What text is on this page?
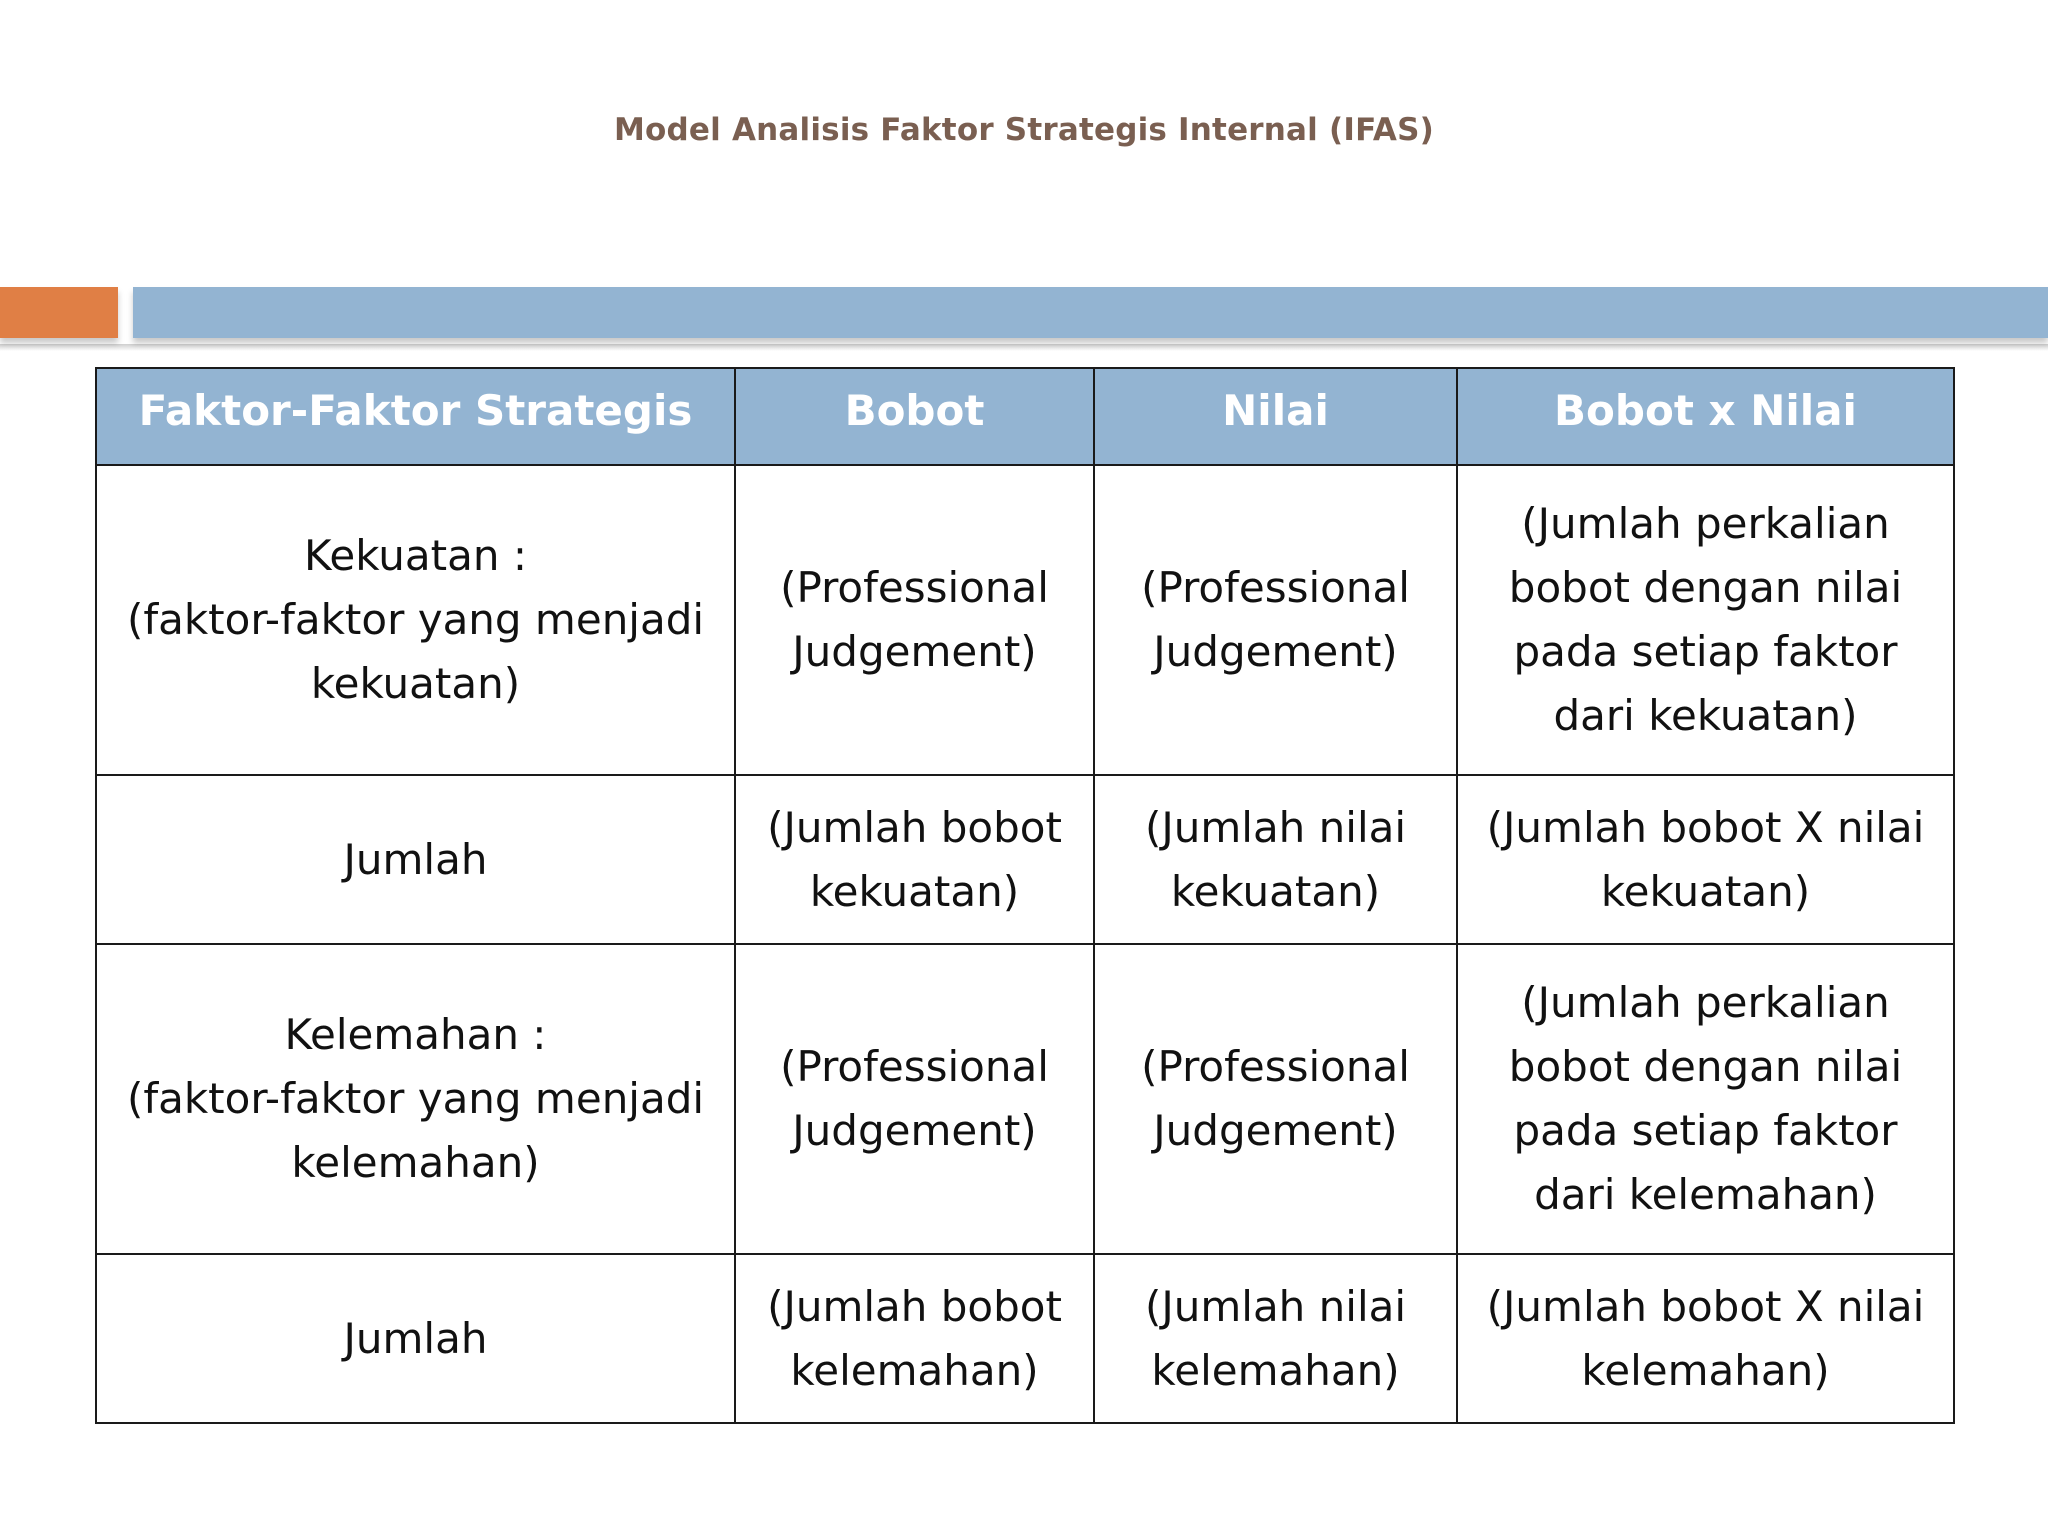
Model Analisis Faktor Strategis Internal (IFAS)
Faktor-Faktor Strategis	Bobot	Nilai	Bobot x Nilai

Kekuatan :
(faktor-faktor yang menjadi
kekuatan)	(Professional
Judgement)	(Professional
Judgement)	(Jumlah perkalian
bobot dengan nilai
pada setiap faktor
dari kekuatan)

Jumlah	(Jumlah bobot
kekuatan)	(Jumlah nilai
kekuatan)	(Jumlah bobot X nilai
kekuatan)

Kelemahan :
(faktor-faktor yang menjadi
kelemahan)	(Professional
Judgement)	(Professional
Judgement)	(Jumlah perkalian
bobot dengan nilai
pada setiap faktor
dari kelemahan)

Jumlah	(Jumlah bobot
kelemahan)	(Jumlah nilai
kelemahan)	(Jumlah bobot X nilai
kelemahan)
